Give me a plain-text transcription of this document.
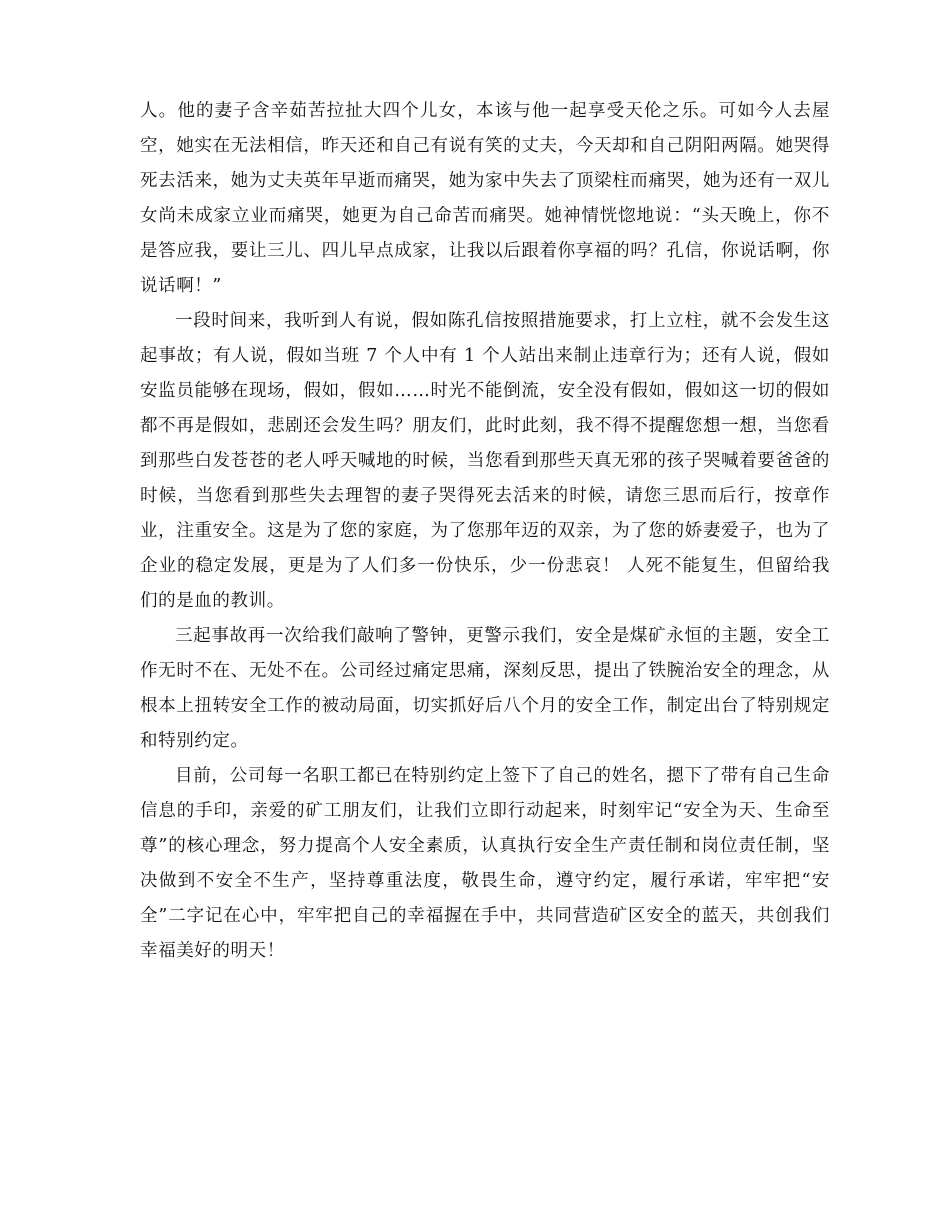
人。他的妻子含辛茹苦拉扯大四个儿女，本该与他一起享受天伦之乐。可如今人去屋空，她实在无法相信，昨天还和自己有说有笑的丈夫，今天却和自己阴阳两隔。她哭得死去活来，她为丈夫英年早逝而痛哭，她为家中失去了顶梁柱而痛哭，她为还有一双儿女尚未成家立业而痛哭，她更为自己命苦而痛哭。她神情恍惚地说：“头天晚上，你不是答应我，要让三儿、四儿早点成家，让我以后跟着你享福的吗？孔信，你说话啊，你说话啊！”

一段时间来，我听到人有说，假如陈孔信按照措施要求，打上立柱，就不会发生这起事故；有人说，假如当班 7 个人中有 1 个人站出来制止违章行为；还有人说，假如安监员能够在现场，假如，假如……时光不能倒流，安全没有假如，假如这一切的假如都不再是假如，悲剧还会发生吗？朋友们，此时此刻，我不得不提醒您想一想，当您看到那些白发苍苍的老人呼天喊地的时候，当您看到那些天真无邪的孩子哭喊着要爸爸的时候，当您看到那些失去理智的妻子哭得死去活来的时候，请您三思而后行，按章作业，注重安全。这是为了您的家庭，为了您那年迈的双亲，为了您的娇妻爱子，也为了企业的稳定发展，更是为了人们多一份快乐，少一份悲哀！ 人死不能复生，但留给我们的是血的教训。

三起事故再一次给我们敲响了警钟，更警示我们，安全是煤矿永恒的主题，安全工作无时不在、无处不在。公司经过痛定思痛，深刻反思，提出了铁腕治安全的理念，从根本上扭转安全工作的被动局面，切实抓好后八个月的安全工作，制定出台了特别规定和特别约定。

目前，公司每一名职工都已在特别约定上签下了自己的姓名，摁下了带有自己生命信息的手印，亲爱的矿工朋友们，让我们立即行动起来，时刻牢记“安全为天、生命至尊”的核心理念，努力提高个人安全素质，认真执行安全生产责任制和岗位责任制，坚决做到不安全不生产，坚持尊重法度，敬畏生命，遵守约定，履行承诺，牢牢把“安全”二字记在心中，牢牢把自己的幸福握在手中，共同营造矿区安全的蓝天，共创我们幸福美好的明天！
